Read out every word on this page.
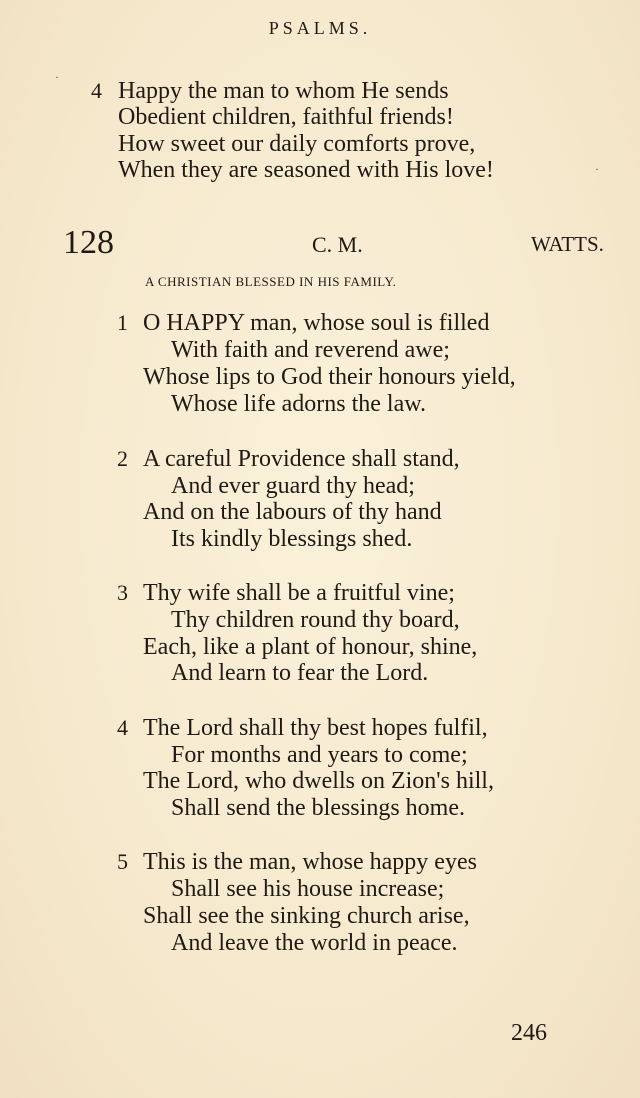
PSALMS.
·
·
4 Happy the man to whom He sends
Obedient children, faithful friends!
How sweet our daily comforts prove,
When they are seasoned with His love!
128	C. M.	WATTS.
A CHRISTIAN BLESSED IN HIS FAMILY.
1 O HAPPY man, whose soul is filled
With faith and reverend awe;
Whose lips to God their honours yield,
Whose life adorns the law.
2 A careful Providence shall stand,
And ever guard thy head;
And on the labours of thy hand
Its kindly blessings shed.
3 Thy wife shall be a fruitful vine;
Thy children round thy board,
Each, like a plant of honour, shine,
And learn to fear the Lord.
4 The Lord shall thy best hopes fulfil,
For months and years to come;
The Lord, who dwells on Zion's hill,
Shall send the blessings home.
5 This is the man, whose happy eyes
Shall see his house increase;
Shall see the sinking church arise,
And leave the world in peace.
246
